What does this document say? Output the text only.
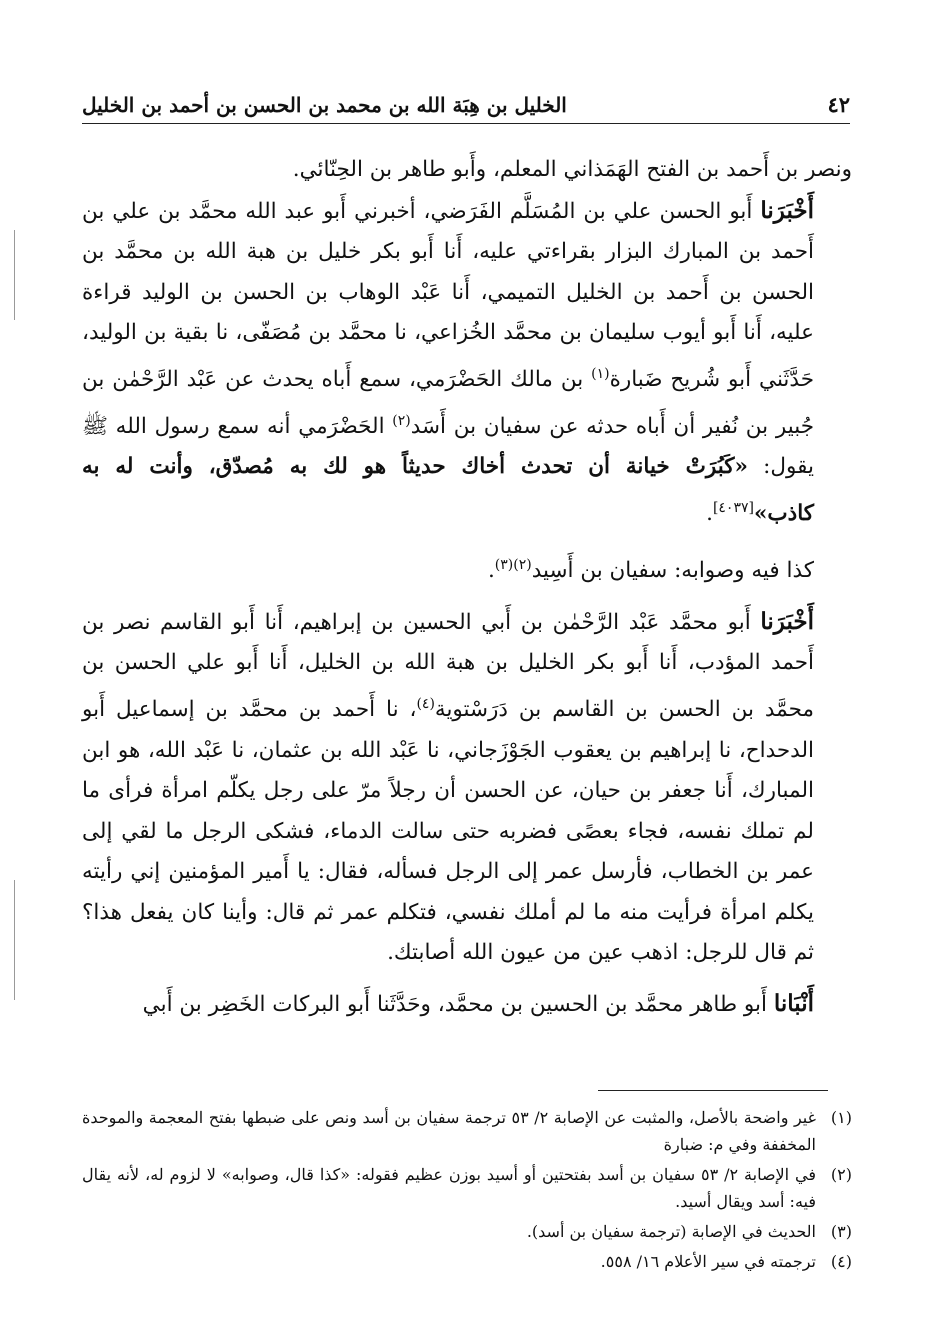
٤٢
الخليل بن هِبَة الله بن محمد بن الحسن بن أحمد بن الخليل

ونصر بن أَحمد بن الفتح الهَمَذاني المعلم، وأَبو طاهر بن الحِنّائي.

أَخْبَرَنا أَبو الحسن علي بن المُسَلَّم الفَرَضي، أخبرني أَبو عبد الله محمَّد بن علي بن أَحمد بن المبارك البزار بقراءتي عليه، أَنا أَبو بكر خليل بن هبة الله بن محمَّد بن الحسن بن أَحمد بن الخليل التميمي، أَنا عَبْد الوهاب بن الحسن بن الوليد قراءة عليه، أَنا أَبو أيوب سليمان بن محمَّد الخُزاعي، نا محمَّد بن مُصَفّى، نا بقية بن الوليد، حَدَّثَني أَبو شُريح ضَبارة$^{(١)}$ بن مالك الحَضْرَمي، سمع أَباه يحدث عن عَبْد الرَّحْمٰن بن جُبير بن نُفير أن أَباه حدثه عن سفيان بن أَسَد$^{(٢)}$ الحَضْرَمي أنه سمع رسول الله ﷺ يقول: «كَبُرَتْ خيانة أن تحدث أخاك حديثاً هو لك به مُصدّق، وأنت له به كاذب»[٤٠٣٧].

كذا فيه وصوابه: سفيان بن أَسِيد$^{(٢)(٣)}$.

أَخْبَرَنا أَبو محمَّد عَبْد الرَّحْمٰن بن أَبي الحسين بن إبراهيم، أَنا أَبو القاسم نصر بن أَحمد المؤدب، أَنا أَبو بكر الخليل بن هبة الله بن الخليل، أَنا أَبو علي الحسن بن محمَّد بن الحسن بن القاسم بن دَرَسْتوية$^{(٤)}$، نا أَحمد بن محمَّد بن إسماعيل أَبو الدحداح، نا إبراهيم بن يعقوب الجَوْزَجاني، نا عَبْد الله بن عثمان، نا عَبْد الله، هو ابن المبارك، أَنا جعفر بن حيان، عن الحسن أن رجلاً مرّ على رجل يكلّم امرأة فرأى ما لم تملك نفسه، فجاء بعصًى فضربه حتى سالت الدماء، فشكى الرجل ما لقي إلى عمر بن الخطاب، فأرسل عمر إلى الرجل فسأله، فقال: يا أَمير المؤمنين إني رأيته يكلم امرأة فرأيت منه ما لم أملك نفسي، فتكلم عمر ثم قال: وأينا كان يفعل هذا؟ ثم قال للرجل: اذهب عين من عيون الله أصابتك.

أَنْبَانا أَبو طاهر محمَّد بن الحسين بن محمَّد، وحَدَّثَنا أَبو البركات الخَضِر بن أَبي

(١)
غير واضحة بالأصل، والمثبت عن الإصابة ٢/ ٥٣ ترجمة سفيان بن أسد ونص على ضبطها بفتح المعجمة والموحدة المخففة وفي م: ضبارة
(٢)
في الإصابة ٢/ ٥٣ سفيان بن أسد بفتحتين أو أسيد بوزن عظيم فقوله: «كذا قال، وصوابه» لا لزوم له، لأنه يقال فيه: أسد ويقال أسيد.
(٣)
الحديث في الإصابة (ترجمة سفيان بن أسد).
(٤)
ترجمته في سير الأعلام ١٦/ ٥٥٨.
